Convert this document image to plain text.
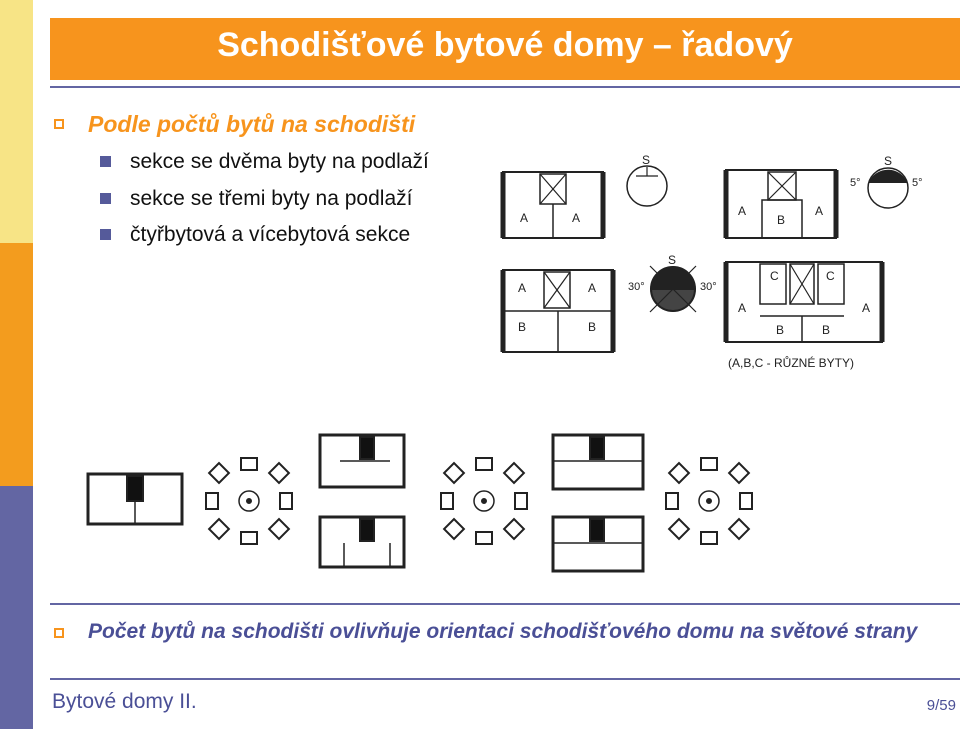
Schodišťové bytové domy – řadový
Podle počtů bytů na schodišti
sekce se dvěma byty na podlaží
sekce se třemi byty na podlaží
čtyřbytová a vícebytová sekce
A	A
S
A
B
A
S
5°	5°
A	A
B	B
S
30°	30°
C	C
A	A
B	B
(A,B,C - RŮZNÉ BYTY)
Počet bytů na schodišti ovlivňuje orientaci schodišťového domu na světové strany
Bytové domy II.	9/59
